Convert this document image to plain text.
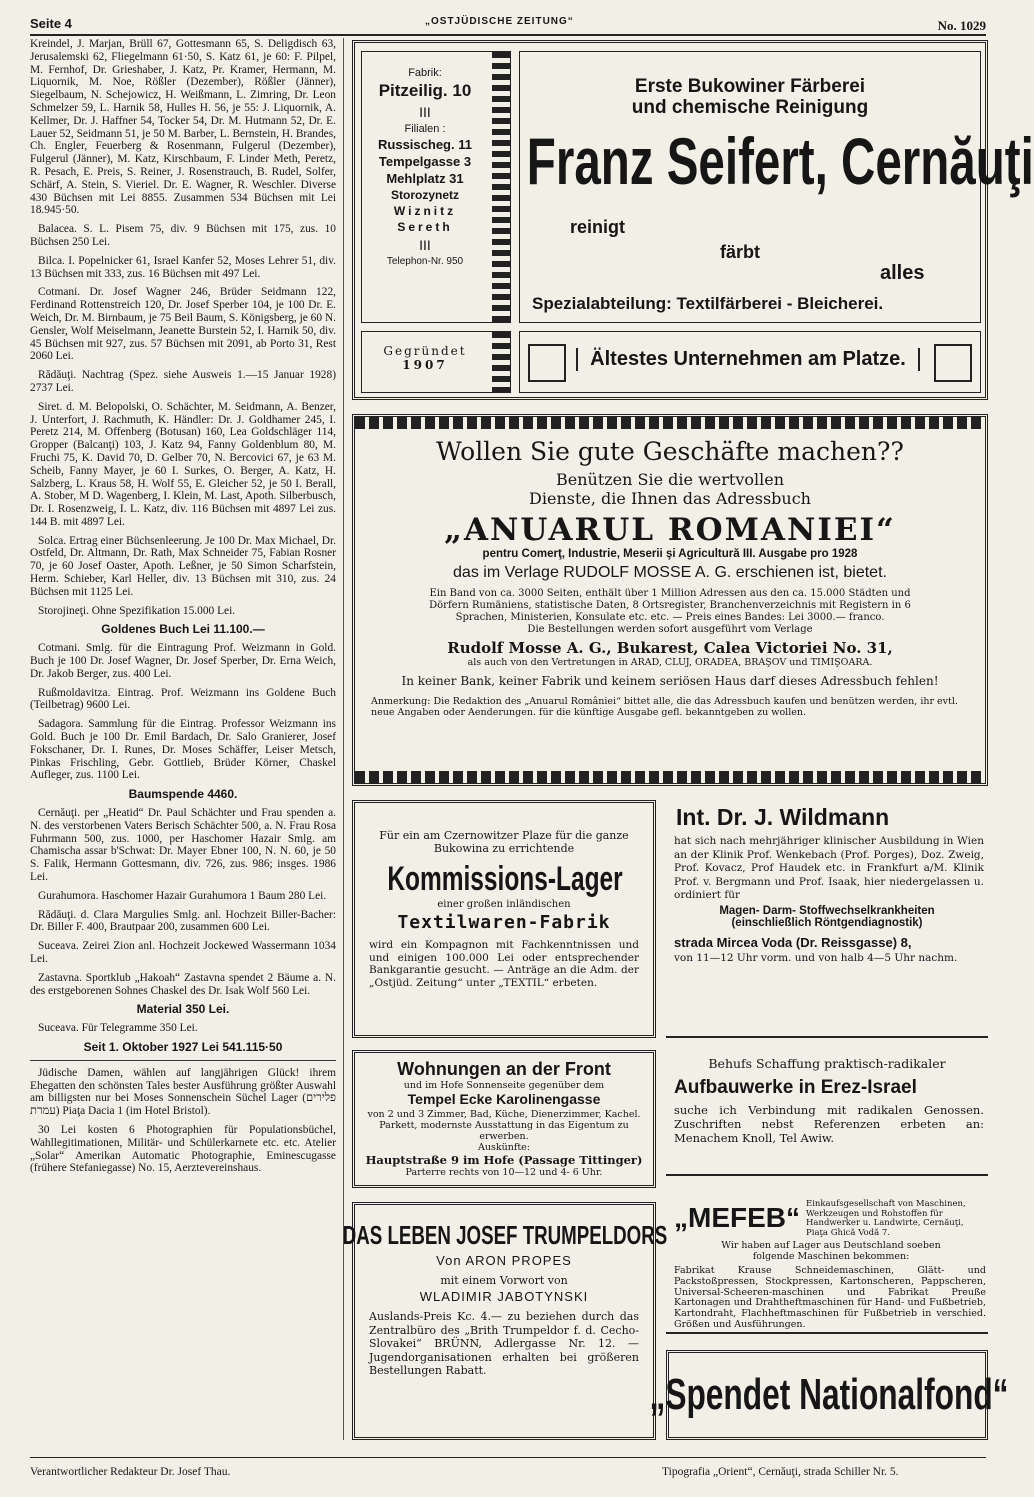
Seite 4	„OSTJÜDISCHE ZEITUNG“	No. 1029

Kreindel, J. Marjan, Brüll 67, Gottesmann 65, S. Deligdisch 63, Jerusalemski 62, Fliegelmann 61·50, S. Katz 61, je 60: F. Pilpel, M. Fernhof, Dr. Grieshaber, J. Katz, Pr. Kramer, Hermann, M. Liquornik, M. Noe, Rößler (Dezember), Rößler (Jänner), Siegelbaum, N. Schejowicz, H. Weißmann, L. Zimring, Dr. Leon Schmelzer 59, L. Harnik 58, Hulles H. 56, je 55: J. Liquornik, A. Kellmer, Dr. J. Haffner 54, Tocker 54, Dr. M. Hutmann 52, Dr. E. Lauer 52, Seidmann 51, je 50 M. Barber, L. Bernstein, H. Brandes, Ch. Engler, Feuerberg & Rosenmann, Fulgerul (Dezember), Fulgerul (Jänner), M. Katz, Kirschbaum, F. Linder Meth, Peretz, R. Pesach, E. Preis, S. Reiner, J. Rosenstrauch, B. Rudel, Solfer, Schärf, A. Stein, S. Vieriel. Dr. E. Wagner, R. Weschler. Diverse 430 Büchsen mit Lei 8855. Zusammen 534 Büchsen mit Lei 18.945·50.

Balacea. S. L. Pisem 75, div. 9 Büchsen mit 175, zus. 10 Büchsen 250 Lei.

Bilca. I. Popelnicker 61, Israel Kanfer 52, Moses Lehrer 51, div. 13 Büchsen mit 333, zus. 16 Büchsen mit 497 Lei.

Cotmani. Dr. Josef Wagner 246, Brüder Seidmann 122, Ferdinand Rottenstreich 120, Dr. Josef Sperber 104, je 100 Dr. E. Weich, Dr. M. Birnbaum, je 75 Beil Baum, S. Königsberg, je 60 N. Gensler, Wolf Meiselmann, Jeanette Burstein 52, I. Harnik 50, div. 45 Büchsen mit 927, zus. 57 Büchsen mit 2091, ab Porto 31, Rest 2060 Lei.

Rădăuţi. Nachtrag (Spez. siehe Ausweis 1.—15 Januar 1928) 2737 Lei.

Siret. d. M. Belopolski, O. Schächter, M. Seidmann, A. Benzer, J. Unterfort, J. Rachmuth, K. Händler: Dr. J. Goldhamer 245, I. Peretz 214, M. Offenberg (Botusan) 160, Lea Goldschläger 114, Gropper (Balcanţi) 103, J. Katz 94, Fanny Goldenblum 80, M. Fruchi 75, K. David 70, D. Gelber 70, N. Bercovici 67, je 63 M. Scheib, Fanny Mayer, je 60 I. Surkes, O. Berger, A. Katz, H. Salzberg, L. Kraus 58, H. Wolf 55, E. Gleicher 52, je 50 I. Berall, A. Stober, M D. Wagenberg, I. Klein, M. Last, Apoth. Silberbusch, Dr. I. Rosenzweig, I. L. Katz, div. 116 Büchsen mit 4897 Lei zus. 144 B. mit 4897 Lei.

Solca. Ertrag einer Büchsenleerung. Je 100 Dr. Max Michael, Dr. Ostfeld, Dr. Altmann, Dr. Rath, Max Schneider 75, Fabian Rosner 70, je 60 Josef Oaster, Apoth. Leßner, je 50 Simon Scharfstein, Herm. Schieber, Karl Heller, div. 13 Büchsen mit 310, zus. 24 Büchsen mit 1125 Lei.

Storojineţi. Ohne Spezifikation 15.000 Lei.

Goldenes Buch Lei 11.100.—

Cotmani. Smlg. für die Eintragung Prof. Weizmann in Gold. Buch je 100 Dr. Josef Wagner, Dr. Josef Sperber, Dr. Erna Weich, Dr. Jakob Berger, zus. 400 Lei.

Rußmoldavitza. Eintrag. Prof. Weizmann ins Goldene Buch (Teilbetrag) 9600 Lei.

Sadagora. Sammlung für die Eintrag. Professor Weizmann ins Gold. Buch je 100 Dr. Emil Bardach, Dr. Salo Granierer, Josef Fokschaner, Dr. I. Runes, Dr. Moses Schäffer, Leiser Metsch, Pinkas Frischling, Gebr. Gottlieb, Brüder Körner, Chaskel Aufleger, zus. 1100 Lei.

Baumspende 4460.

Cernăuţi. per „Heatid“ Dr. Paul Schächter und Frau spenden a. N. des verstorbenen Vaters Berisch Schächter 500, a. N. Frau Rosa Fuhrmann 500, zus. 1000, per Haschomer Hazair Smlg. am Chamischa assar b'Schwat: Dr. Mayer Ebner 100, N. N. 60, je 50 S. Falik, Hermann Gottesmann, div. 726, zus. 986; insges. 1986 Lei.

Gurahumora. Haschomer Hazair Gurahumora 1 Baum 280 Lei.

Rădăuţi. d. Clara Margulies Smlg. anl. Hochzeit Biller-Bacher: Dr. Biller F. 400, Brautpaar 200, zusammen 600 Lei.

Suceava. Zeirei Zion anl. Hochzeit Jockewed Wassermann 1034 Lei.

Zastavna. Sportklub „Hakoah“ Zastavna spendet 2 Bäume a. N. des erstgeborenen Sohnes Chaskel des Dr. Isak Wolf 560 Lei.

Material 350 Lei.

Suceava. Für Telegramme 350 Lei.

Seit 1. Oktober 1927 Lei 541.115·50

Jüdische Damen, wählen auf langjährigen Glück! ihrem Ehegatten den schönsten Tales bester Ausführung größter Auswahl am billigsten nur bei Moses Sonnenschein Süchel Lager (פלירים עמרת) Piaţa Dacia 1 (im Hotel Bristol).

30 Lei kosten 6 Photographien für Populationsbüchel, Wahllegitimationen, Militär- und Schülerkarnete etc. etc. Atelier „Solar“ Amerikan Automatic Photographie, Eminescugasse (frühere Stefaniegasse) No. 15, Aerztevereinshaus.

Fabrik:
Pitzeilig. 10
III
Filialen :
Russischeg. 11
Tempelgasse 3
Mehlplatz 31
Storozynetz
Wiznitz
Sereth
III
Telephon-Nr. 950
Gegründet
1907
Erste Bukowiner Färberei
und chemische Reinigung
Franz Seifert, Cernăuţi
reinigt
färbt
alles
Spezialabteilung: Textilfärberei - Bleicherei.
Ältestes Unternehmen am Platze.
Wollen Sie gute Geschäfte machen??
Benützen Sie die wertvollen
Dienste, die Ihnen das Adressbuch
„ANUARUL ROMANIEI“
pentru Comerţ, Industrie, Meserii şi Agricultură III. Ausgabe pro 1928
das im Verlage RUDOLF MOSSE A. G. erschienen ist, bietet.
Ein Band von ca. 3000 Seiten, enthält über 1 Million Adressen aus den ca. 15.000 Städten und Dörfern Rumäniens, statistische Daten, 8 Ortsregister, Branchenverzeichnis mit Registern in 6 Sprachen, Ministerien, Konsulate etc. etc. — Preis eines Bandes: Lei 3000.— franco.
Die Bestellungen werden sofort ausgeführt vom Verlage
Rudolf Mosse A. G., Bukarest, Calea Victoriei No. 31,
als auch von den Vertretungen in ARAD, CLUJ, ORADEA, BRAŞOV und TIMIŞOARA.
In keiner Bank, keiner Fabrik und keinem seriösen Haus darf dieses Adressbuch fehlen!
Anmerkung: Die Redaktion des „Anuarul României“ bittet alle, die das Adressbuch kaufen und benützen werden, ihr evtl. neue Angaben oder Aenderungen. für die künftige Ausgabe gefl. bekanntgeben zu wollen.
Für ein am Czernowitzer Plaze für die ganze Bukowina zu errichtende
Kommissions-Lager
einer großen inländischen
Textilwaren-Fabrik
wird ein Kompagnon mit Fachkenntnissen und und einigen 100.000 Lei oder entsprechender Bankgarantie gesucht. — Anträge an die Adm. der „Ostjüd. Zeitung“ unter „TEXTIL“ erbeten.
Int. Dr. J. Wildmann
hat sich nach mehrjähriger klinischer Ausbildung in Wien an der Klinik Prof. Wenkebach (Prof. Porges), Doz. Zweig, Prof. Kovacz, Prof Haudek etc. in Frankfurt a/M. Klinik Prof. v. Bergmann und Prof. Isaak, hier niedergelassen u. ordiniert für
Magen- Darm- Stoffwechselkrankheiten
(einschließlich Röntgendiagnostik)
strada Mircea Voda (Dr. Reissgasse) 8,
von 11—12 Uhr vorm. und von halb 4—5 Uhr nachm.
Wohnungen an der Front
und im Hofe Sonnenseite gegenüber dem
Tempel Ecke Karolinengasse
von 2 und 3 Zimmer, Bad, Küche, Dienerzimmer, Kachel. Parkett, modernste Ausstattung in das Eigentum zu erwerben.
Auskünfte:
Hauptstraße 9 im Hofe (Passage Tittinger)
Parterre rechts von 10—12 und 4- 6 Uhr.
Behufs Schaffung praktisch-radikaler
Aufbauwerke in Erez-Israel
suche ich Verbindung mit radikalen Genossen. Zuschriften nebst Referenzen erbeten an: Menachem Knoll, Tel Awiw.
DAS LEBEN JOSEF TRUMPELDORS
Von ARON PROPES
mit einem Vorwort von
WLADIMIR JABOTYNSKI
Auslands-Preis Kc. 4.— zu beziehen durch das Zentralbüro des „Brith Trumpeldor f. d. Cecho-Slovakei“ BRÜNN, Adlergasse Nr. 12. — Jugendorganisationen erhalten bei größeren Bestellungen Rabatt.
„MEFEB“ Einkaufsgesellschaft von Maschinen, Werkzeugen und Rohstoffen für Handwerker u. Landwirte, Cernăuţi, Piaţa Ghică Vodă 7.
Wir haben auf Lager aus Deutschland soeben folgende Maschinen bekommen:
Fabrikat Krause Schneidemaschinen, Glätt- und Packstoßpressen, Stockpressen, Kartonscheren, Pappscheren, Universal-Scheeren-maschinen und Fabrikat Preuße Kartonagen und Drahtheftmaschinen für Hand- und Fußbetrieb, Kartondraht, Flachheftmaschinen für Fußbetrieb in verschied. Größen und Ausführungen.
„Spendet Nationalfond“
Verantwortlicher Redakteur Dr. Josef Thau.	Tipografia „Orient“, Cernăuţi, strada Schiller Nr. 5.
